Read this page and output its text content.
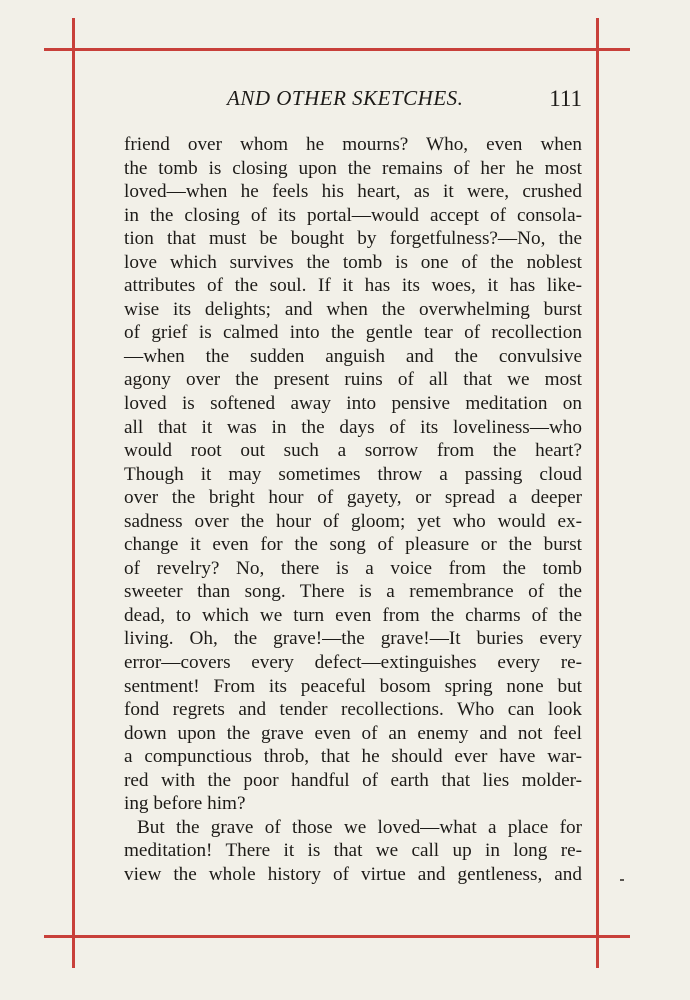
AND OTHER SKETCHES.	111
friend over whom he mourns? Who, even when
the tomb is closing upon the remains of her he most
loved—when he feels his heart, as it were, crushed
in the closing of its portal—would accept of consola-
tion that must be bought by forgetfulness?—No, the
love which survives the tomb is one of the noblest
attributes of the soul. If it has its woes, it has like-
wise its delights; and when the overwhelming burst
of grief is calmed into the gentle tear of recollection
—when the sudden anguish and the convulsive
agony over the present ruins of all that we most
loved is softened away into pensive meditation on
all that it was in the days of its loveliness—who
would root out such a sorrow from the heart?
Though it may sometimes throw a passing cloud
over the bright hour of gayety, or spread a deeper
sadness over the hour of gloom; yet who would ex-
change it even for the song of pleasure or the burst
of revelry? No, there is a voice from the tomb
sweeter than song. There is a remembrance of the
dead, to which we turn even from the charms of the
living. Oh, the grave!—the grave!—It buries every
error—covers every defect—extinguishes every re-
sentment! From its peaceful bosom spring none but
fond regrets and tender recollections. Who can look
down upon the grave even of an enemy and not feel
a compunctious throb, that he should ever have war-
red with the poor handful of earth that lies molder-
ing before him?
But the grave of those we loved—what a place for
meditation! There it is that we call up in long re-
view the whole history of virtue and gentleness, and
